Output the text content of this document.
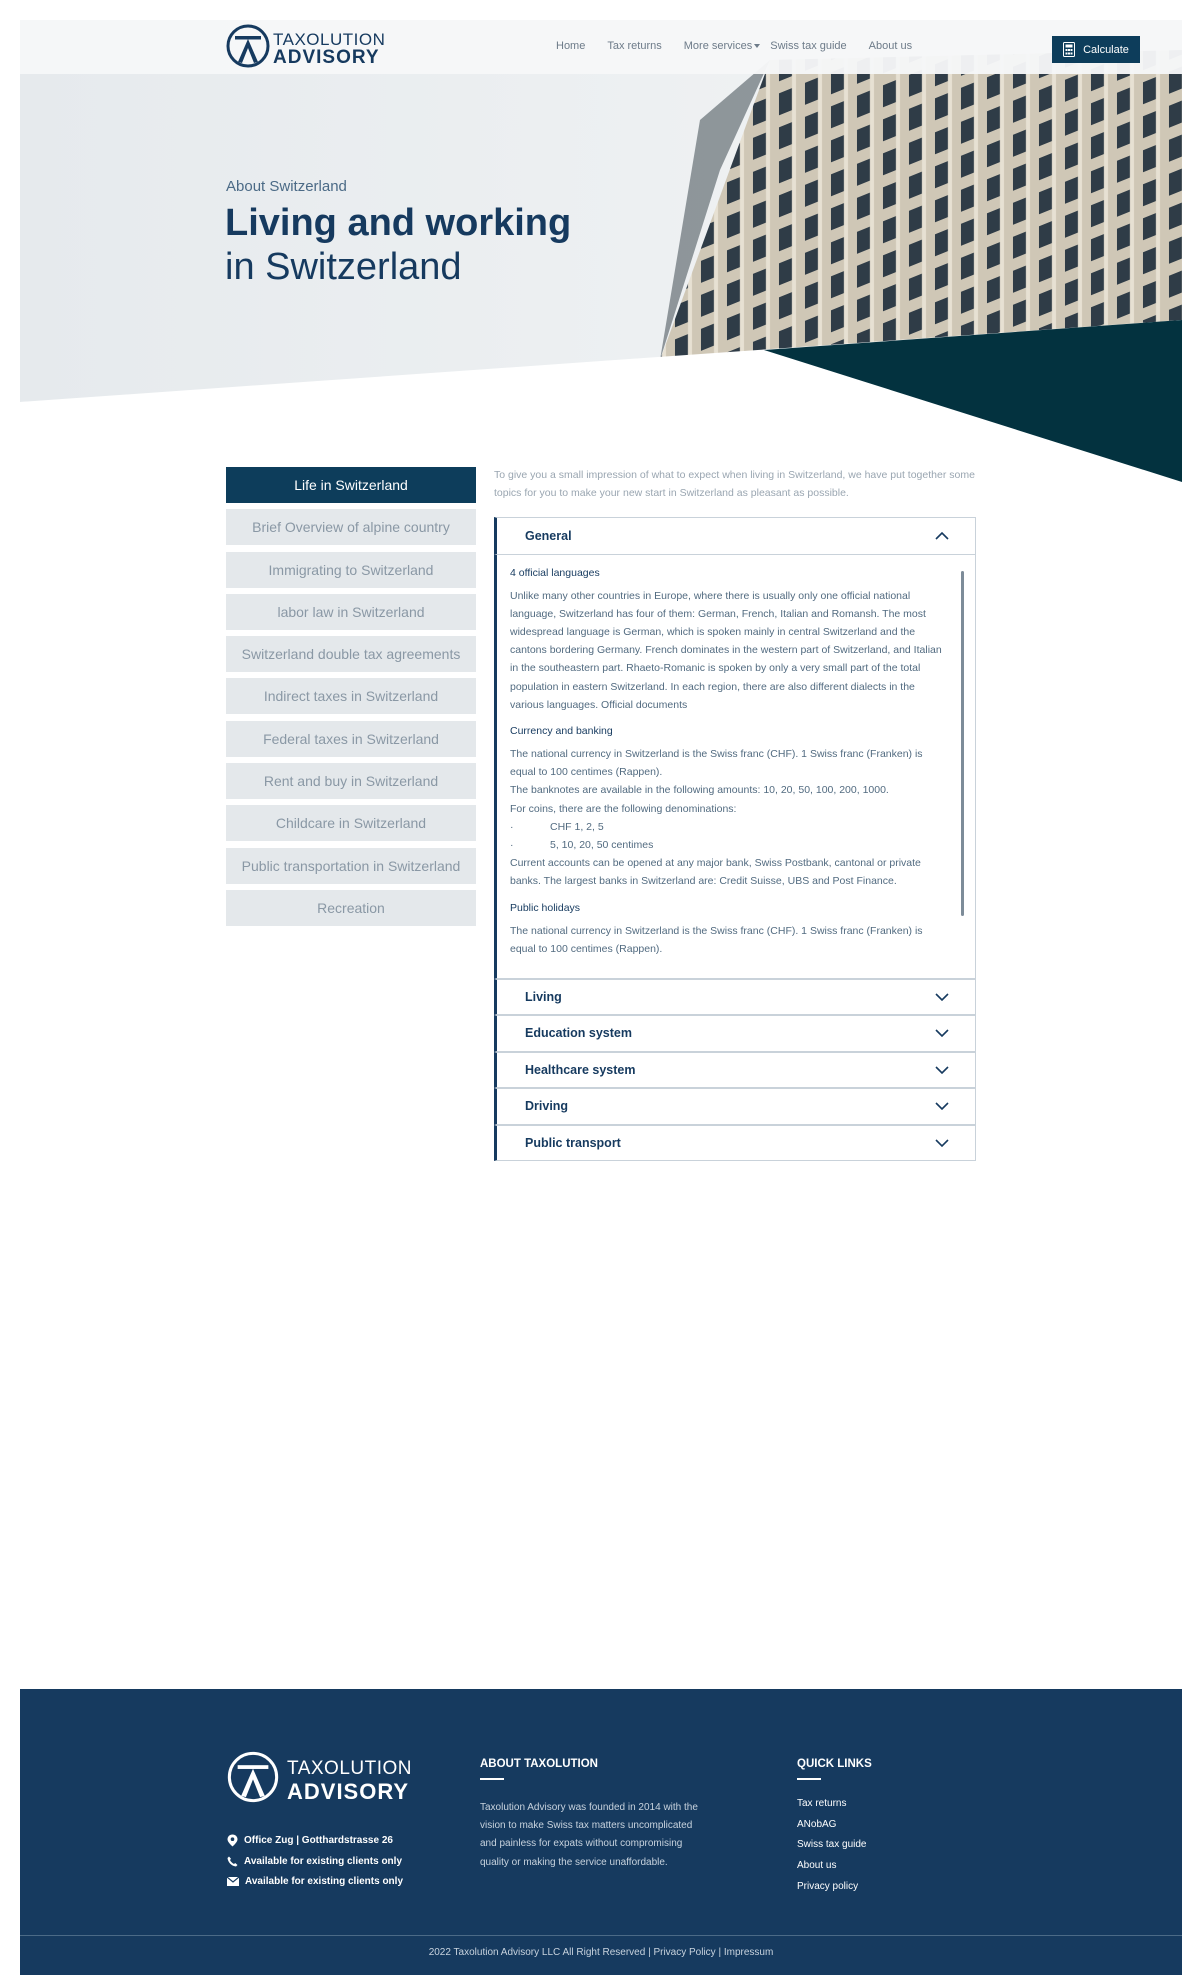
About Switzerland
Living and working
in Switzerland
TAXOLUTION
ADVISORY
Home Tax returns More services	Swiss tax guide About us	Calculate
Life in Switzerland
Brief Overview of alpine country
Immigrating to Switzerland
labor law in Switzerland
Switzerland double tax agreements
Indirect taxes in Switzerland
Federal taxes in Switzerland
Rent and buy in Switzerland
Childcare in Switzerland
Public transportation in Switzerland
Recreation
To give you a small impression of what to expect when living in Switzerland, we have put together some topics for you to make your new start in Switzerland as pleasant as possible.
General
4 official languages

Unlike many other countries in Europe, where there is usually only one official national language, Switzerland has four of them: German, French, Italian and Romansh. The most widespread language is German, which is spoken mainly in central Switzerland and the cantons bordering Germany. French dominates in the western part of Switzerland, and Italian in the southeastern part. Rhaeto-Romanic is spoken by only a very small part of the total population in eastern Switzerland. In each region, there are also different dialects in the various languages. Official documents

Currency and banking

The national currency in Switzerland is the Swiss franc (CHF). 1 Swiss franc (Franken) is equal to 100 centimes (Rappen).

The banknotes are available in the following amounts: 10, 20, 50, 100, 200, 1000.

For coins, there are the following denominations:

·	CHF 1, 2, 5

·	5, 10, 20, 50 centimes

Current accounts can be opened at any major bank, Swiss Postbank, cantonal or private banks. The largest banks in Switzerland are: Credit Suisse, UBS and Post Finance.

Public holidays

The national currency in Switzerland is the Swiss franc (CHF). 1 Swiss franc (Franken) is equal to 100 centimes (Rappen).

Living
Education system
Healthcare system
Driving
Public transport
TAXOLUTION
ADVISORY
Office Zug | Gotthardstrasse 26
Available for existing clients only
Available for existing clients only
ABOUT TAXOLUTION
Taxolution Advisory was founded in 2014 with the vision to make Swiss tax matters uncomplicated and painless for expats without compromising quality or making the service unaffordable.
QUICK LINKS
Tax returns
ANobAG
Swiss tax guide
About us
Privacy policy
2022 Taxolution Advisory LLC All Right Reserved | Privacy Policy | Impressum
